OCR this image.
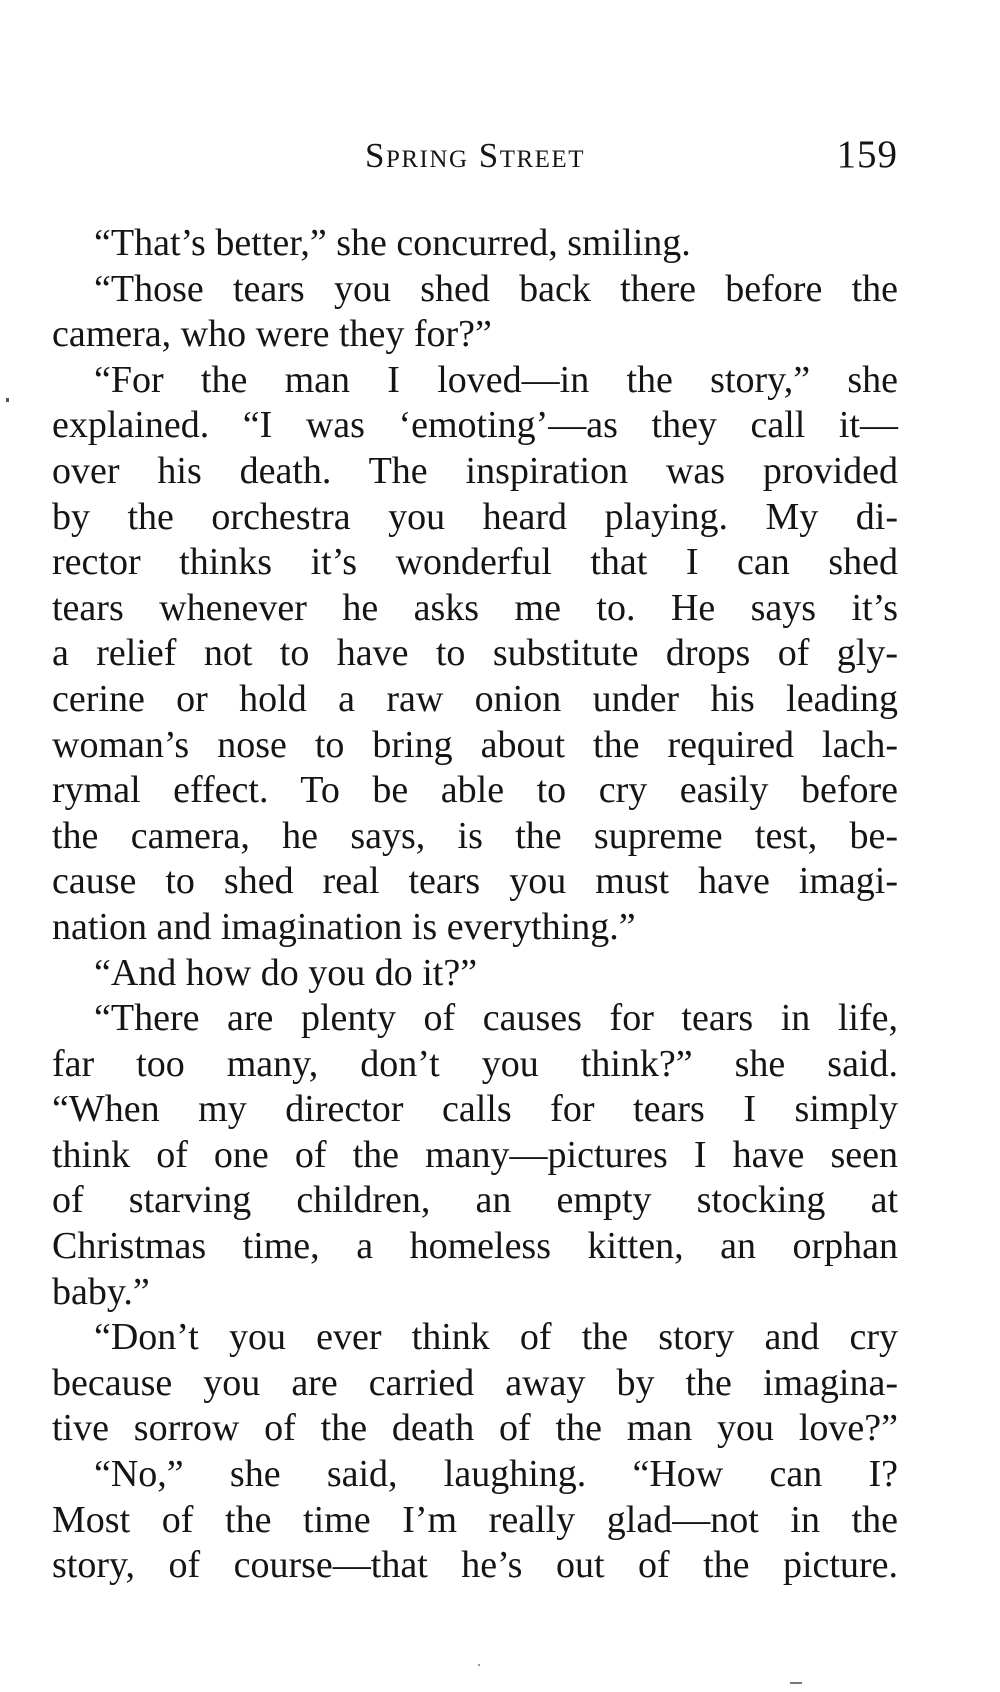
Spring Street	159
“That’s better,” she concurred, smiling.
“Those tears you shed back there before the
camera, who were they for?”
“For the man I loved—in the story,” she
explained. “I was ‘emoting’—as they call it—
over his death. The inspiration was provided
by the orchestra you heard playing. My di-
rector thinks it’s wonderful that I can shed
tears whenever he asks me to. He says it’s
a relief not to have to substitute drops of gly-
cerine or hold a raw onion under his leading
woman’s nose to bring about the required lach-
rymal effect. To be able to cry easily before
the camera, he says, is the supreme test, be-
cause to shed real tears you must have imagi-
nation and imagination is everything.”
“And how do you do it?”
“There are plenty of causes for tears in life,
far too many, don’t you think?” she said.
“When my director calls for tears I simply
think of one of the many—pictures I have seen
of starving children, an empty stocking at
Christmas time, a homeless kitten, an orphan
baby.”
“Don’t you ever think of the story and cry
because you are carried away by the imagina-
tive sorrow of the death of the man you love?”
“No,” she said, laughing. “How can I?
Most of the time I’m really glad—not in the
story, of course—that he’s out of the picture.
